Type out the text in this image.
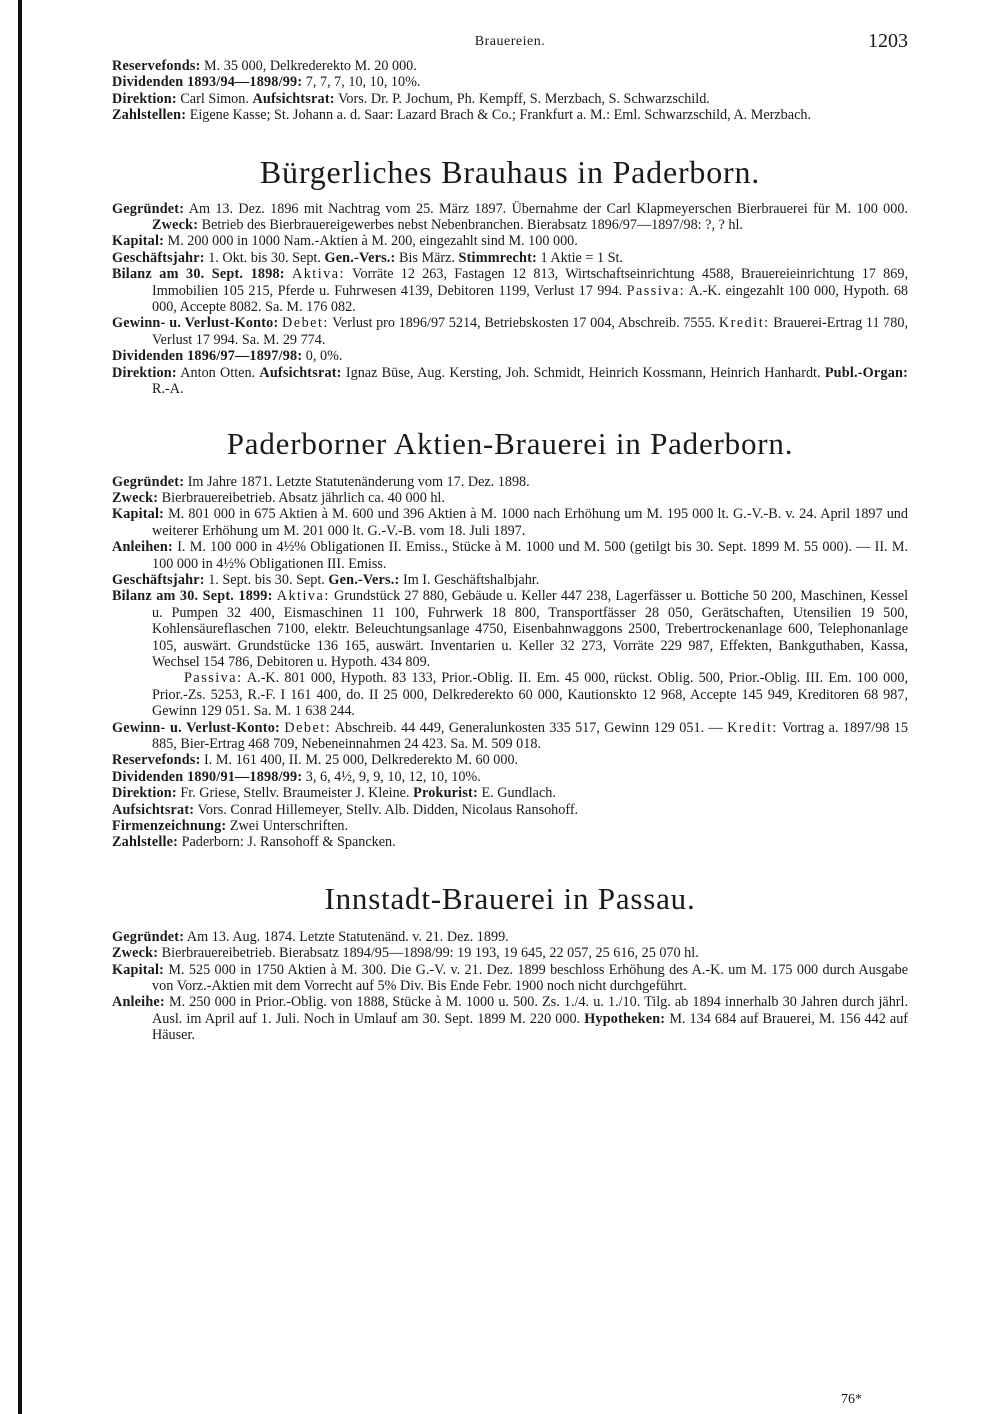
Brauereien.	1203

Reservefonds: M. 35 000, Delkrederekto M. 20 000.

Dividenden 1893/94—1898/99: 7, 7, 7, 10, 10, 10%.

Direktion: Carl Simon. Aufsichtsrat: Vors. Dr. P. Jochum, Ph. Kempff, S. Merzbach, S. Schwarzschild.

Zahlstellen: Eigene Kasse; St. Johann a. d. Saar: Lazard Brach & Co.; Frankfurt a. M.: Eml. Schwarzschild, A. Merzbach.

Bürgerliches Brauhaus in Paderborn.

Gegründet: Am 13. Dez. 1896 mit Nachtrag vom 25. März 1897. Übernahme der Carl Klapmeyerschen Bierbrauerei für M. 100 000. Zweck: Betrieb des Bierbrauereigewerbes nebst Nebenbranchen. Bierabsatz 1896/97—1897/98: ?, ? hl.

Kapital: M. 200 000 in 1000 Nam.-Aktien à M. 200, eingezahlt sind M. 100 000.

Geschäftsjahr: 1. Okt. bis 30. Sept. Gen.-Vers.: Bis März. Stimmrecht: 1 Aktie = 1 St.

Bilanz am 30. Sept. 1898: Aktiva: Vorräte 12 263, Fastagen 12 813, Wirtschaftseinrichtung 4588, Brauereieinrichtung 17 869, Immobilien 105 215, Pferde u. Fuhrwesen 4139, Debitoren 1199, Verlust 17 994. Passiva: A.-K. eingezahlt 100 000, Hypoth. 68 000, Accepte 8082. Sa. M. 176 082.

Gewinn- u. Verlust-Konto: Debet: Verlust pro 1896/97 5214, Betriebskosten 17 004, Abschreib. 7555. Kredit: Brauerei-Ertrag 11 780, Verlust 17 994. Sa. M. 29 774.

Dividenden 1896/97—1897/98: 0, 0%.

Direktion: Anton Otten. Aufsichtsrat: Ignaz Büse, Aug. Kersting, Joh. Schmidt, Heinrich Kossmann, Heinrich Hanhardt. Publ.-Organ: R.-A.

Paderborner Aktien-Brauerei in Paderborn.

Gegründet: Im Jahre 1871. Letzte Statutenänderung vom 17. Dez. 1898.

Zweck: Bierbrauereibetrieb. Absatz jährlich ca. 40 000 hl.

Kapital: M. 801 000 in 675 Aktien à M. 600 und 396 Aktien à M. 1000 nach Erhöhung um M. 195 000 lt. G.-V.-B. v. 24. April 1897 und weiterer Erhöhung um M. 201 000 lt. G.-V.-B. vom 18. Juli 1897.

Anleihen: I. M. 100 000 in 4½% Obligationen II. Emiss., Stücke à M. 1000 und M. 500 (getilgt bis 30. Sept. 1899 M. 55 000). — II. M. 100 000 in 4½% Obligationen III. Emiss.

Geschäftsjahr: 1. Sept. bis 30. Sept. Gen.-Vers.: Im I. Geschäftshalbjahr.

Bilanz am 30. Sept. 1899: Aktiva: Grundstück 27 880, Gebäude u. Keller 447 238, Lagerfässer u. Bottiche 50 200, Maschinen, Kessel u. Pumpen 32 400, Eismaschinen 11 100, Fuhrwerk 18 800, Transportfässer 28 050, Gerätschaften, Utensilien 19 500, Kohlensäureflaschen 7100, elektr. Beleuchtungsanlage 4750, Eisenbahnwaggons 2500, Trebertrockenanlage 600, Telephonanlage 105, auswärt. Grundstücke 136 165, auswärt. Inventarien u. Keller 32 273, Vorräte 229 987, Effekten, Bankguthaben, Kassa, Wechsel 154 786, Debitoren u. Hypoth. 434 809.

Passiva: A.-K. 801 000, Hypoth. 83 133, Prior.-Oblig. II. Em. 45 000, rückst. Oblig. 500, Prior.-Oblig. III. Em. 100 000, Prior.-Zs. 5253, R.-F. I 161 400, do. II 25 000, Delkrederekto 60 000, Kautionskto 12 968, Accepte 145 949, Kreditoren 68 987, Gewinn 129 051. Sa. M. 1 638 244.

Gewinn- u. Verlust-Konto: Debet: Abschreib. 44 449, Generalunkosten 335 517, Gewinn 129 051. — Kredit: Vortrag a. 1897/98 15 885, Bier-Ertrag 468 709, Nebeneinnahmen 24 423. Sa. M. 509 018.

Reservefonds: I. M. 161 400, II. M. 25 000, Delkrederekto M. 60 000.

Dividenden 1890/91—1898/99: 3, 6, 4½, 9, 9, 10, 12, 10, 10%.

Direktion: Fr. Griese, Stellv. Braumeister J. Kleine. Prokurist: E. Gundlach.

Aufsichtsrat: Vors. Conrad Hillemeyer, Stellv. Alb. Didden, Nicolaus Ransohoff.

Firmenzeichnung: Zwei Unterschriften.

Zahlstelle: Paderborn: J. Ransohoff & Spancken.

Innstadt-Brauerei in Passau.

Gegründet: Am 13. Aug. 1874. Letzte Statutenänd. v. 21. Dez. 1899.

Zweck: Bierbrauereibetrieb. Bierabsatz 1894/95—1898/99: 19 193, 19 645, 22 057, 25 616, 25 070 hl.

Kapital: M. 525 000 in 1750 Aktien à M. 300. Die G.-V. v. 21. Dez. 1899 beschloss Erhöhung des A.-K. um M. 175 000 durch Ausgabe von Vorz.-Aktien mit dem Vorrecht auf 5% Div. Bis Ende Febr. 1900 noch nicht durchgeführt.

Anleihe: M. 250 000 in Prior.-Oblig. von 1888, Stücke à M. 1000 u. 500. Zs. 1./4. u. 1./10. Tilg. ab 1894 innerhalb 30 Jahren durch jährl. Ausl. im April auf 1. Juli. Noch in Umlauf am 30. Sept. 1899 M. 220 000. Hypotheken: M. 134 684 auf Brauerei, M. 156 442 auf Häuser.

76*
